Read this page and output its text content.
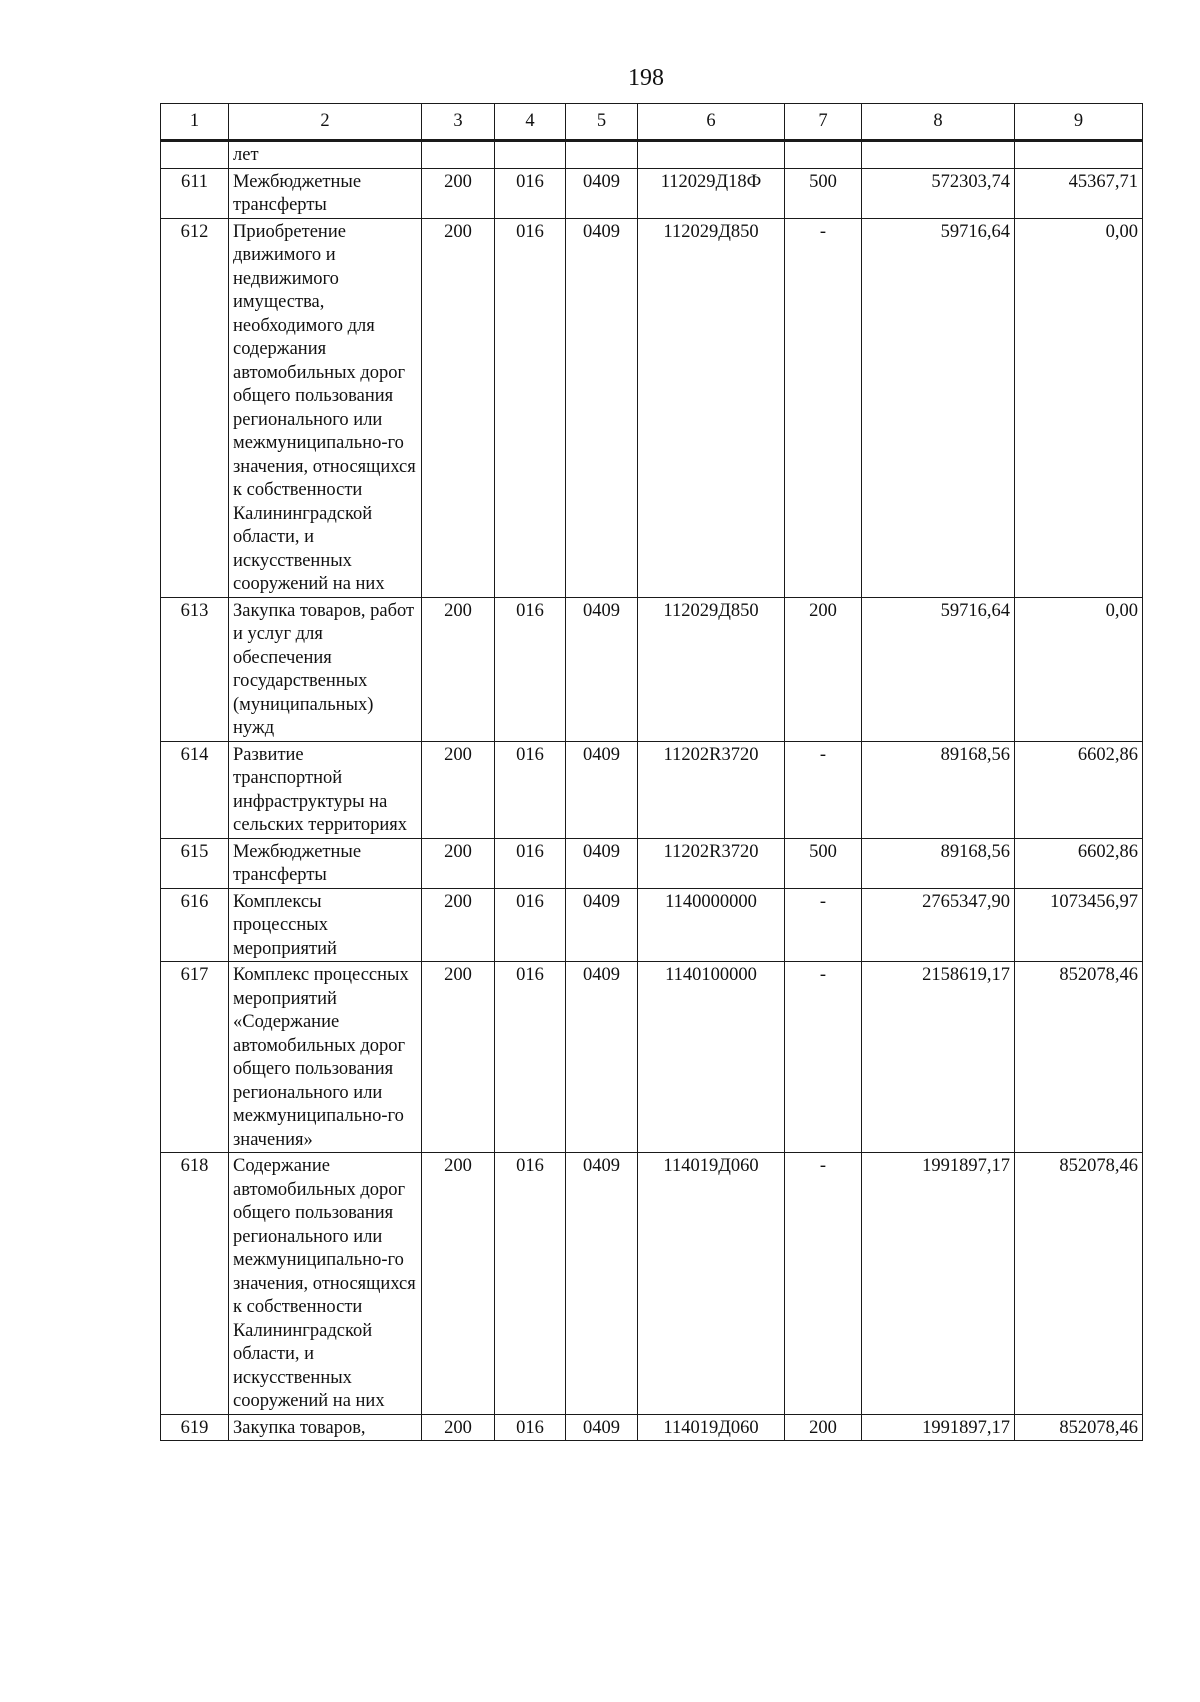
198
1	2	3	4	5	6	7	8	9
	лет							
611	Межбюджетные трансферты	200	016	0409	112029Д18Ф	500	572303,74	45367,71
612	Приобретение движимого и недвижимого имущества, необходимого для содержания автомобильных дорог общего пользования регионального или межмуниципально-го значения, относящихся к собственности Калининградской области, и искусственных сооружений на них	200	016	0409	112029Д850	-	59716,64	0,00
613	Закупка товаров, работ и услуг для обеспечения государственных (муниципальных) нужд	200	016	0409	112029Д850	200	59716,64	0,00
614	Развитие транспортной инфраструктуры на сельских территориях	200	016	0409	11202R3720	-	89168,56	6602,86
615	Межбюджетные трансферты	200	016	0409	11202R3720	500	89168,56	6602,86
616	Комплексы процессных мероприятий	200	016	0409	1140000000	-	2765347,90	1073456,97
617	Комплекс процессных мероприятий «Содержание автомобильных дорог общего пользования регионального или межмуниципально-го значения»	200	016	0409	1140100000	-	2158619,17	852078,46
618	Содержание автомобильных дорог общего пользования регионального или межмуниципально-го значения, относящихся к собственности Калининградской области, и искусственных сооружений на них	200	016	0409	114019Д060	-	1991897,17	852078,46
619	Закупка товаров,	200	016	0409	114019Д060	200	1991897,17	852078,46
